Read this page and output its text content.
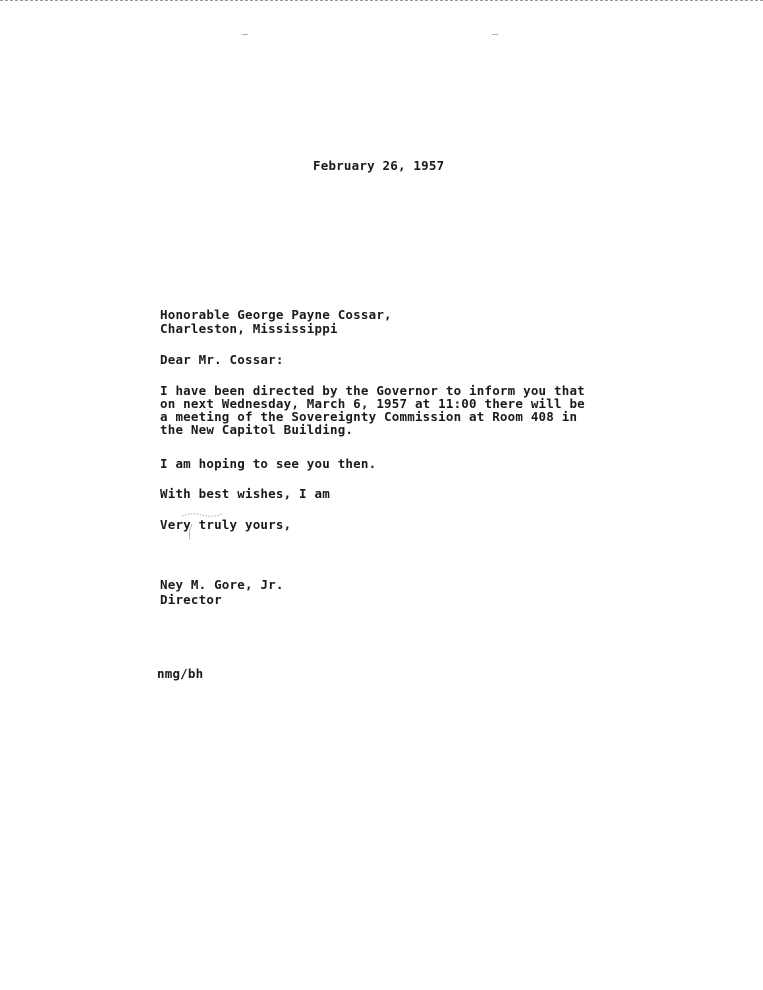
February 26, 1957
Honorable George Payne Cossar,
Charleston, Mississippi
Dear Mr. Cossar:
I have been directed by the Governor to inform you that
on next Wednesday, March 6, 1957 at 11:00 there will be
a meeting of the Sovereignty Commission at Room 408 in
the New Capitol Building.
I am hoping to see you then.
With best wishes, I am
Very truly yours,
Ney M. Gore, Jr.
Director
nmg/bh
